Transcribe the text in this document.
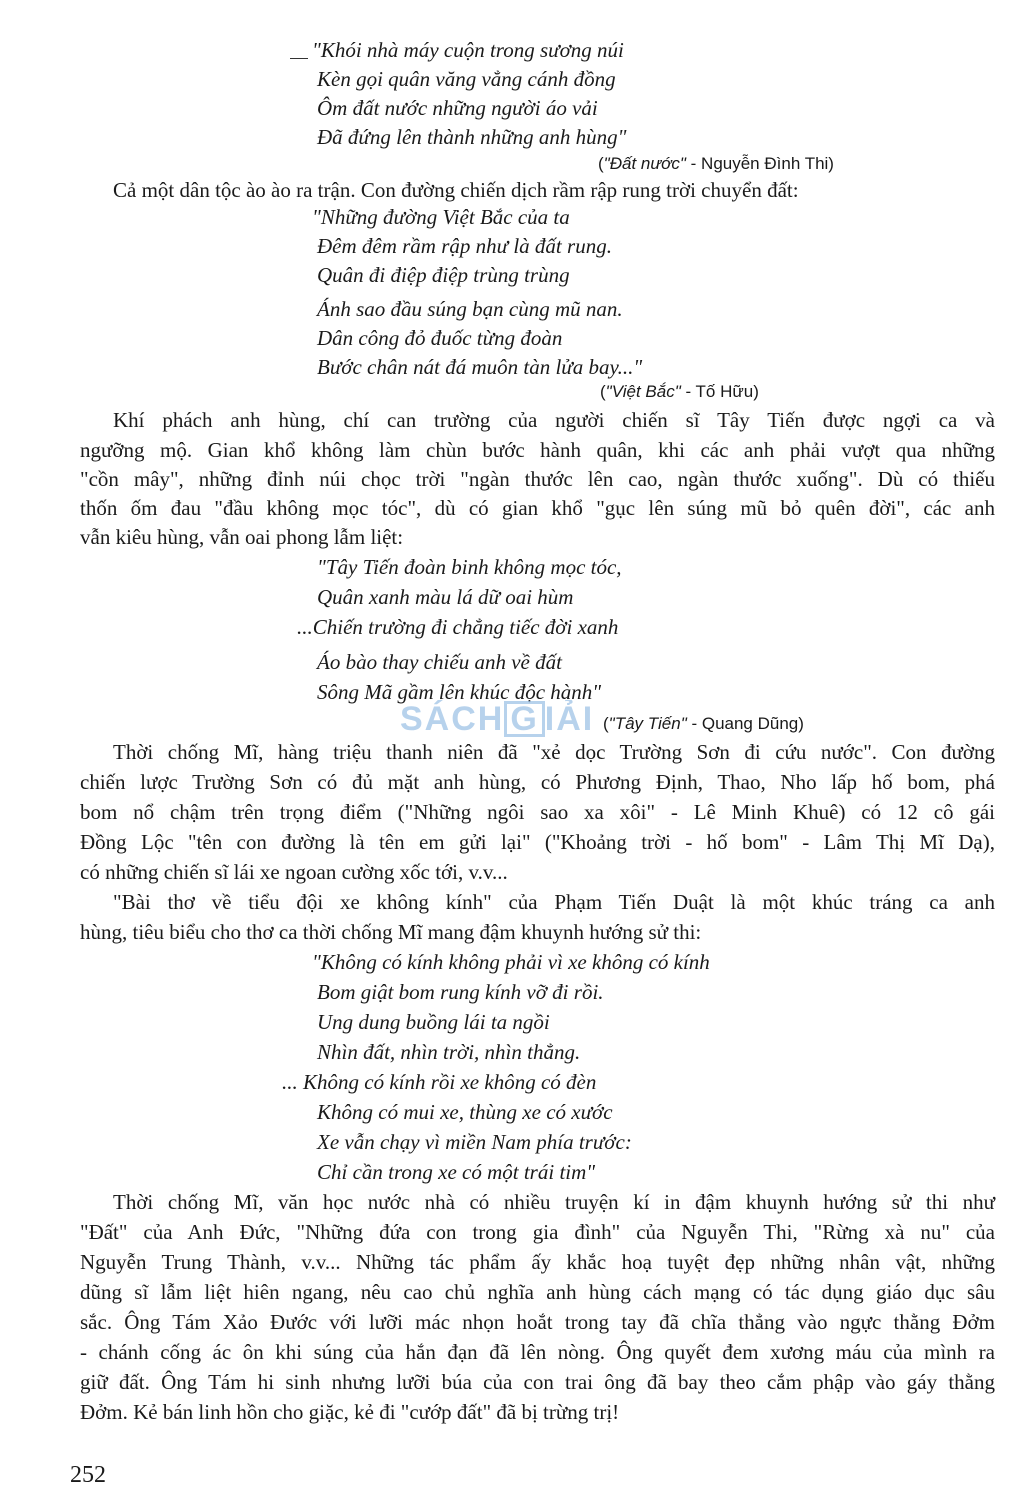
"Khói nhà máy cuộn trong sương núi
Kèn gọi quân văng vẳng cánh đồng
Ôm đất nước những người áo vải
Đã đứng lên thành những anh hùng"
("Đất nước" - Nguyễn Đình Thi)
Cả một dân tộc ào ào ra trận. Con đường chiến dịch rầm rập rung trời chuyển đất:
"Những đường Việt Bắc của ta
Đêm đêm rầm rập như là đất rung.
Quân đi điệp điệp trùng trùng
Ánh sao đầu súng bạn cùng mũ nan.
Dân công đỏ đuốc từng đoàn
Bước chân nát đá muôn tàn lửa bay..."
("Việt Bắc" - Tố Hữu)
Khí phách anh hùng, chí can trường của người chiến sĩ Tây Tiến được ngợi ca và
ngưỡng mộ. Gian khổ không làm chùn bước hành quân, khi các anh phải vượt qua những
"cồn mây", những đỉnh núi chọc trời "ngàn thước lên cao, ngàn thước xuống". Dù có thiếu
thốn ốm đau "đầu không mọc tóc", dù có gian khổ "gục lên súng mũ bỏ quên đời", các anh
vẫn kiêu hùng, vẫn oai phong lẫm liệt:
"Tây Tiến đoàn binh không mọc tóc,
Quân xanh màu lá dữ oai hùm
...Chiến trường đi chẳng tiếc đời xanh
Áo bào thay chiếu anh về đất
Sông Mã gầm lên khúc độc hành"
("Tây Tiến" - Quang Dũng)
SÁCH G IẢI
Thời chống Mĩ, hàng triệu thanh niên đã "xẻ dọc Trường Sơn đi cứu nước". Con đường
chiến lược Trường Sơn có đủ mặt anh hùng, có Phương Định, Thao, Nho lấp hố bom, phá
bom nổ chậm trên trọng điểm ("Những ngôi sao xa xôi" - Lê Minh Khuê) có 12 cô gái
Đồng Lộc "tên con đường là tên em gửi lại" ("Khoảng trời - hố bom" - Lâm Thị Mĩ Dạ),
có những chiến sĩ lái xe ngoan cường xốc tới, v.v...
"Bài thơ về tiểu đội xe không kính" của Phạm Tiến Duật là một khúc tráng ca anh
hùng, tiêu biểu cho thơ ca thời chống Mĩ mang đậm khuynh hướng sử thi:
"Không có kính không phải vì xe không có kính
Bom giật bom rung kính vỡ đi rồi.
Ung dung buồng lái ta ngồi
Nhìn đất, nhìn trời, nhìn thẳng.
... Không có kính rồi xe không có đèn
Không có mui xe, thùng xe có xước
Xe vẫn chạy vì miền Nam phía trước:
Chỉ cần trong xe có một trái tim"
Thời chống Mĩ, văn học nước nhà có nhiều truyện kí in đậm khuynh hướng sử thi như
"Đất" của Anh Đức, "Những đứa con trong gia đình" của Nguyễn Thi, "Rừng xà nu" của
Nguyễn Trung Thành, v.v... Những tác phẩm ấy khắc hoạ tuyệt đẹp những nhân vật, những
dũng sĩ lẫm liệt hiên ngang, nêu cao chủ nghĩa anh hùng cách mạng có tác dụng giáo dục sâu
sắc. Ông Tám Xảo Đước với lưỡi mác nhọn hoắt trong tay đã chĩa thẳng vào ngực thằng Đởm
- chánh cống ác ôn khi súng của hắn đạn đã lên nòng. Ông quyết đem xương máu của mình ra
giữ đất. Ông Tám hi sinh nhưng lưỡi búa của con trai ông đã bay theo cắm phập vào gáy thằng
Đởm. Kẻ bán linh hồn cho giặc, kẻ đi "cướp đất" đã bị trừng trị!
252
